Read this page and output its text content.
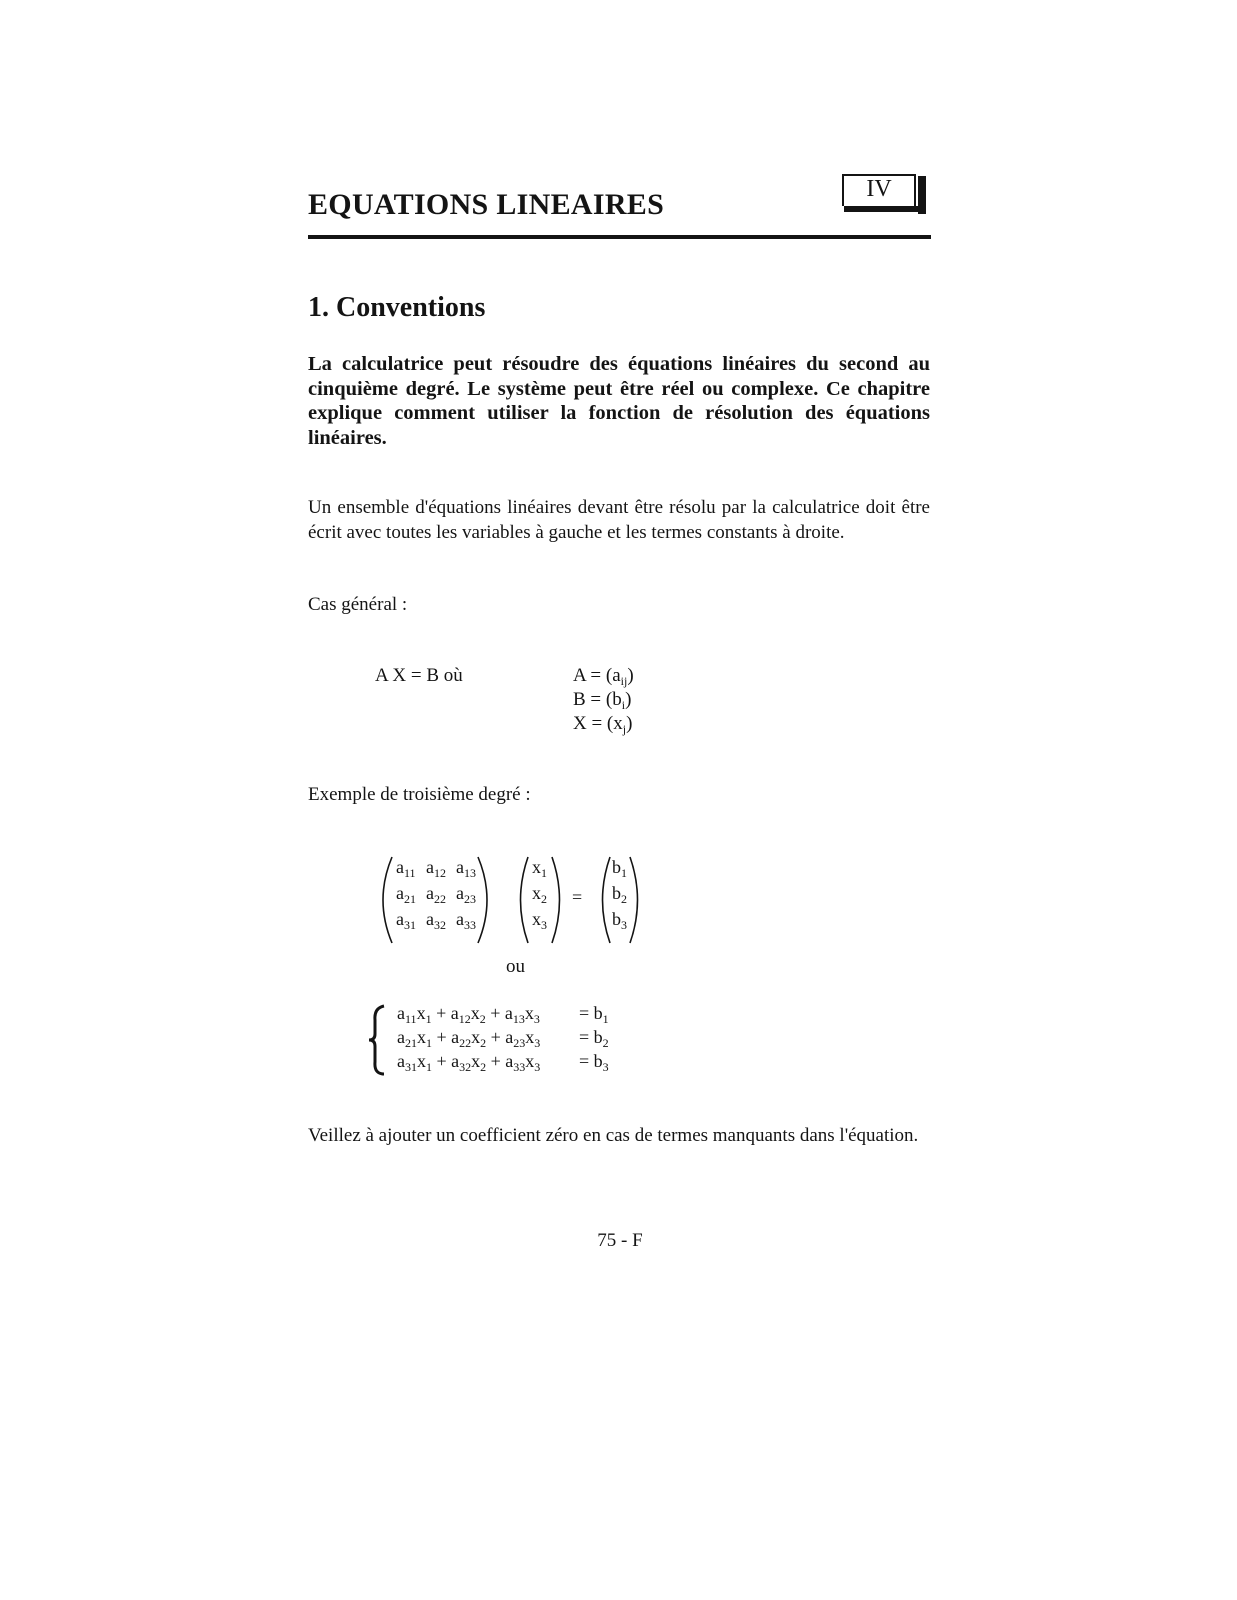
EQUATIONS LINEAIRES	IV
1. Conventions
La calculatrice peut résoudre des équations linéaires du second au cinquième degré. Le système peut être réel ou complexe. Ce chapitre explique comment utiliser la fonction de résolution des équations linéaires.
Un ensemble d'équations linéaires devant être résolu par la calculatrice doit être écrit avec toutes les variables à gauche et les termes constants à droite.
Cas général :
A X = B où	$A = (a_{ij})$
$B = (b_i)$
$X = (x_j)$
Exemple de troisième degré :
$a_{11}$ $a_{12}$ $a_{13}$
$a_{21}$ $a_{22}$ $a_{23}$
$a_{31}$ $a_{32}$ $a_{33}$
$x_1$
$x_2$
$x_3$
$b_1$
$b_2$
$b_3$
=
ou
$a_{11}x_1 + a_{12}x_2 + a_{13}x_3 = b_1$
$a_{21}x_1 + a_{22}x_2 + a_{23}x_3 = b_2$
$a_{31}x_1 + a_{32}x_2 + a_{33}x_3 = b_3$
Veillez à ajouter un coefficient zéro en cas de termes manquants dans l'équation.
75 - F
